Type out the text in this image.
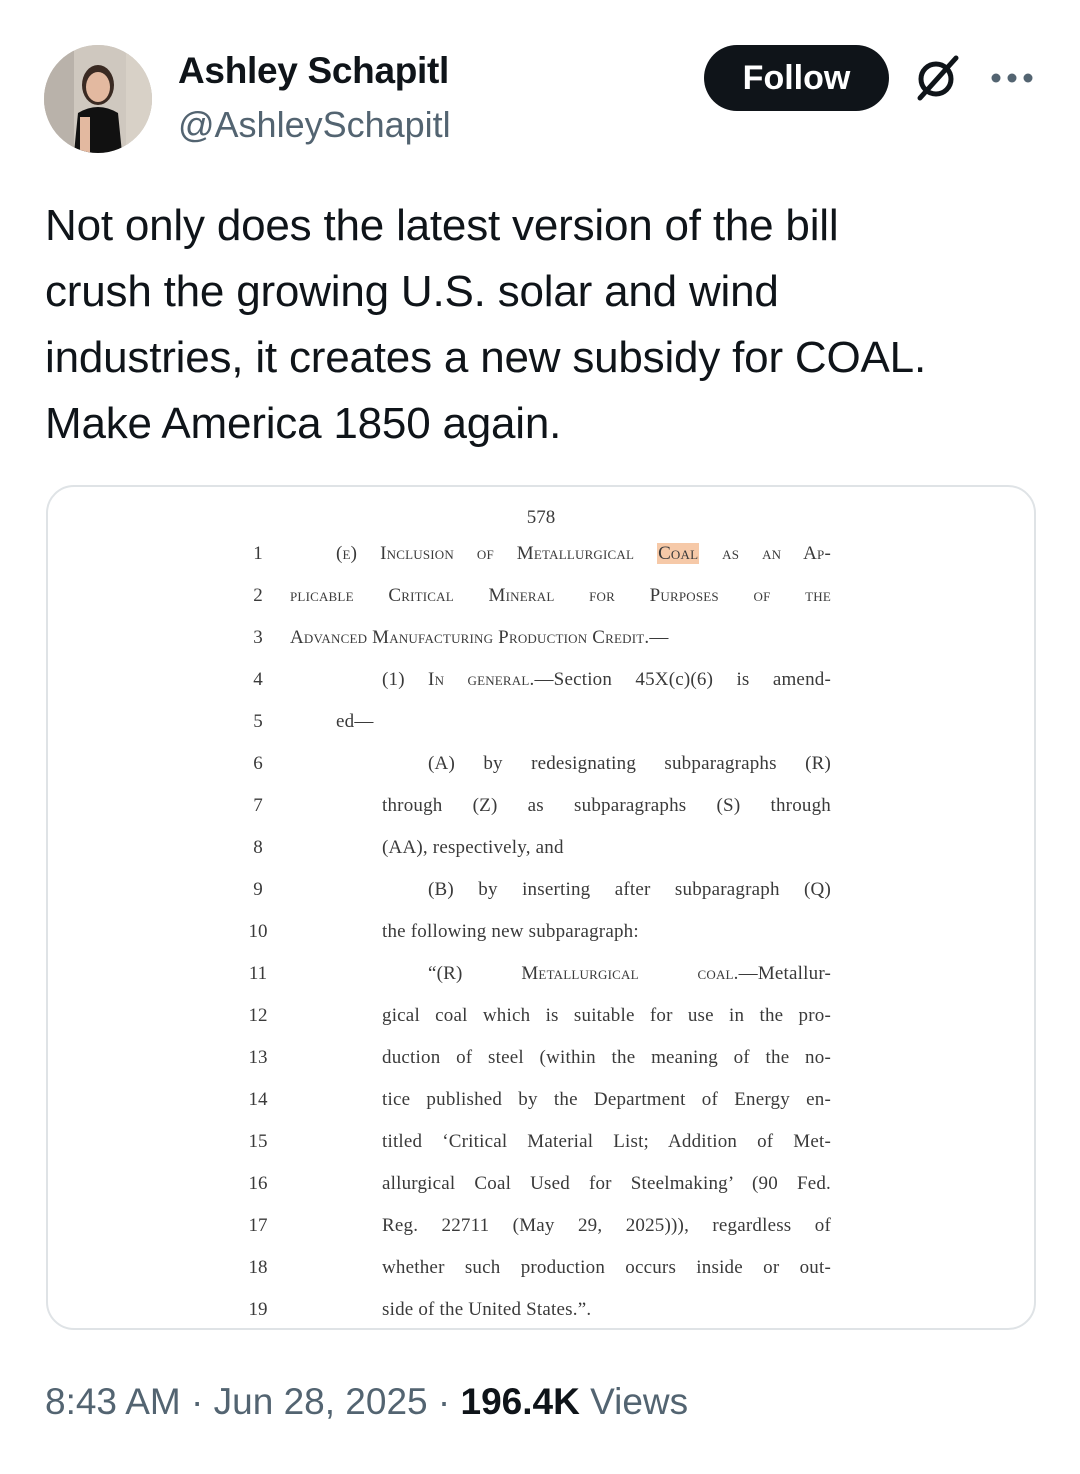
Ashley Schapitl
@AshleySchapitl
Follow

Not only does the latest version of the bill
crush the growing U.S. solar and wind
industries, it creates a new subsidy for COAL.
Make America 1850 again.

578
1	(e) Inclusion of Metallurgical Coal as an Ap-
2	plicable Critical Mineral for Purposes of the
3	Advanced Manufacturing Production Credit.—
4	(1) In general.—Section 45X(c)(6) is amend-
5	ed—
6	(A) by redesignating subparagraphs (R)
7	through (Z) as subparagraphs (S) through
8	(AA), respectively, and
9	(B) by inserting after subparagraph (Q)
10	the following new subparagraph:
11	“(R) Metallurgical coal.—Metallur-
12	gical coal which is suitable for use in the pro-
13	duction of steel (within the meaning of the no-
14	tice published by the Department of Energy en-
15	titled ‘Critical Material List; Addition of Met-
16	allurgical Coal Used for Steelmaking’ (90 Fed.
17	Reg. 22711 (May 29, 2025))), regardless of
18	whether such production occurs inside or out-
19	side of the United States.”.
8:43 AM · Jun 28, 2025 · 196.4K Views
